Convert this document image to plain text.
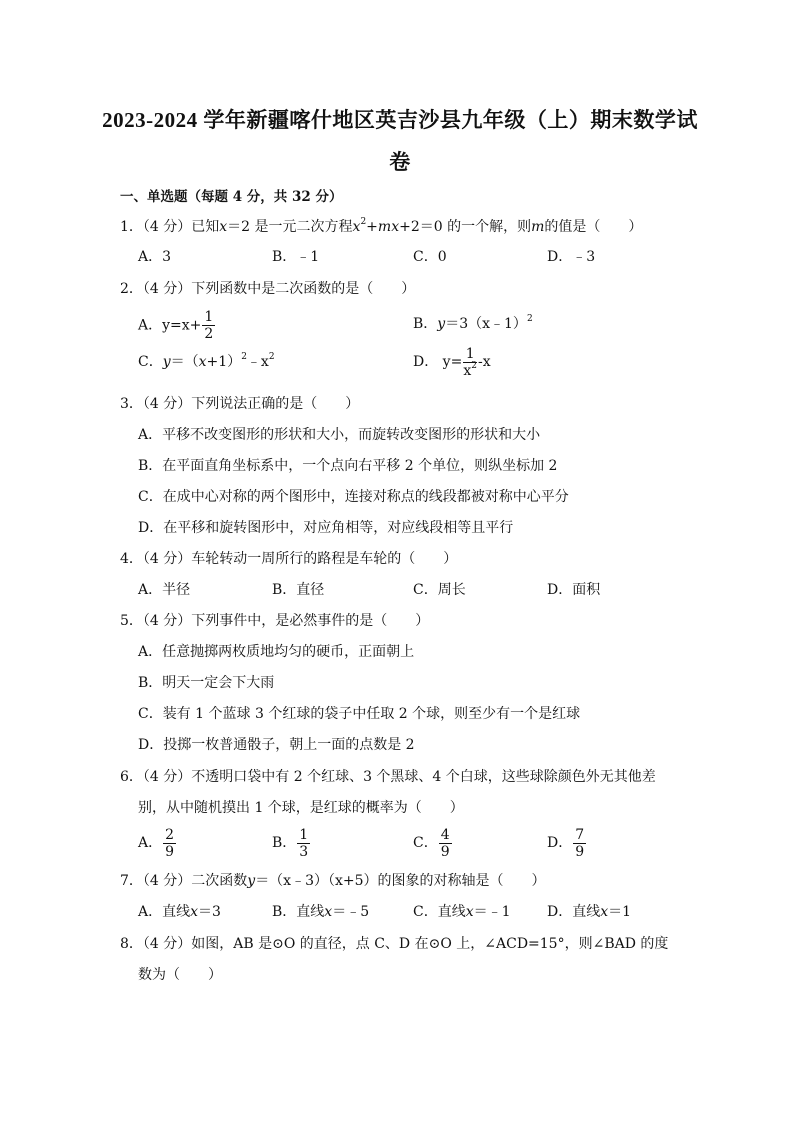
2023-2024 学年新疆喀什地区英吉沙县九年级（上）期末数学试
卷
一、单选题（每题 4 分，共 32 分）
1．（4 分）已知x＝2 是一元二次方程$x^2+mx+2=0$ 的一个解，则m的值是（　　）
A．3	B．﹣1	C．0	D．﹣3
2．（4 分）下列函数中是二次函数的是（　　）
A．$y=x+ \frac{1}{2}$	B．y＝3（x﹣1）$^2$
C．$y=(x+1)^2﹣x^2$	D． $y= \frac{1}{x^2} -x$
3．（4 分）下列说法正确的是（　　）
A．平移不改变图形的形状和大小，而旋转改变图形的形状和大小
B．在平面直角坐标系中，一个点向右平移 2 个单位，则纵坐标加 2
C．在成中心对称的两个图形中，连接对称点的线段都被对称中心平分
D．在平移和旋转图形中，对应角相等，对应线段相等且平行
4．（4 分）车轮转动一周所行的路程是车轮的（　　）
A．半径	B．直径	C．周长	D．面积
5．（4 分）下列事件中，是必然事件的是（　　）
A．任意抛掷两枚质地均匀的硬币，正面朝上
B．明天一定会下大雨
C．装有 1 个蓝球 3 个红球的袋子中任取 2 个球，则至少有一个是红球
D．投掷一枚普通骰子，朝上一面的点数是 2
6．（4 分）不透明口袋中有 2 个红球、3 个黑球、4 个白球，这些球除颜色外无其他差
别，从中随机摸出 1 个球，是红球的概率为（　　）
A． $\frac{2}{9}$	B． $\frac{1}{3}$	C． $\frac{4}{9}$	D． $\frac{7}{9}$
7．（4 分）二次函数y＝（x﹣3）（x+5）的图象的对称轴是（　　）
A．直线x＝3	B．直线x＝﹣5	C．直线x＝﹣1	D．直线x＝1
8．（4 分）如图，AB 是⊙O 的直径，点 C、D 在⊙O 上，∠ACD=15°，则∠BAD 的度
数为（　　）
